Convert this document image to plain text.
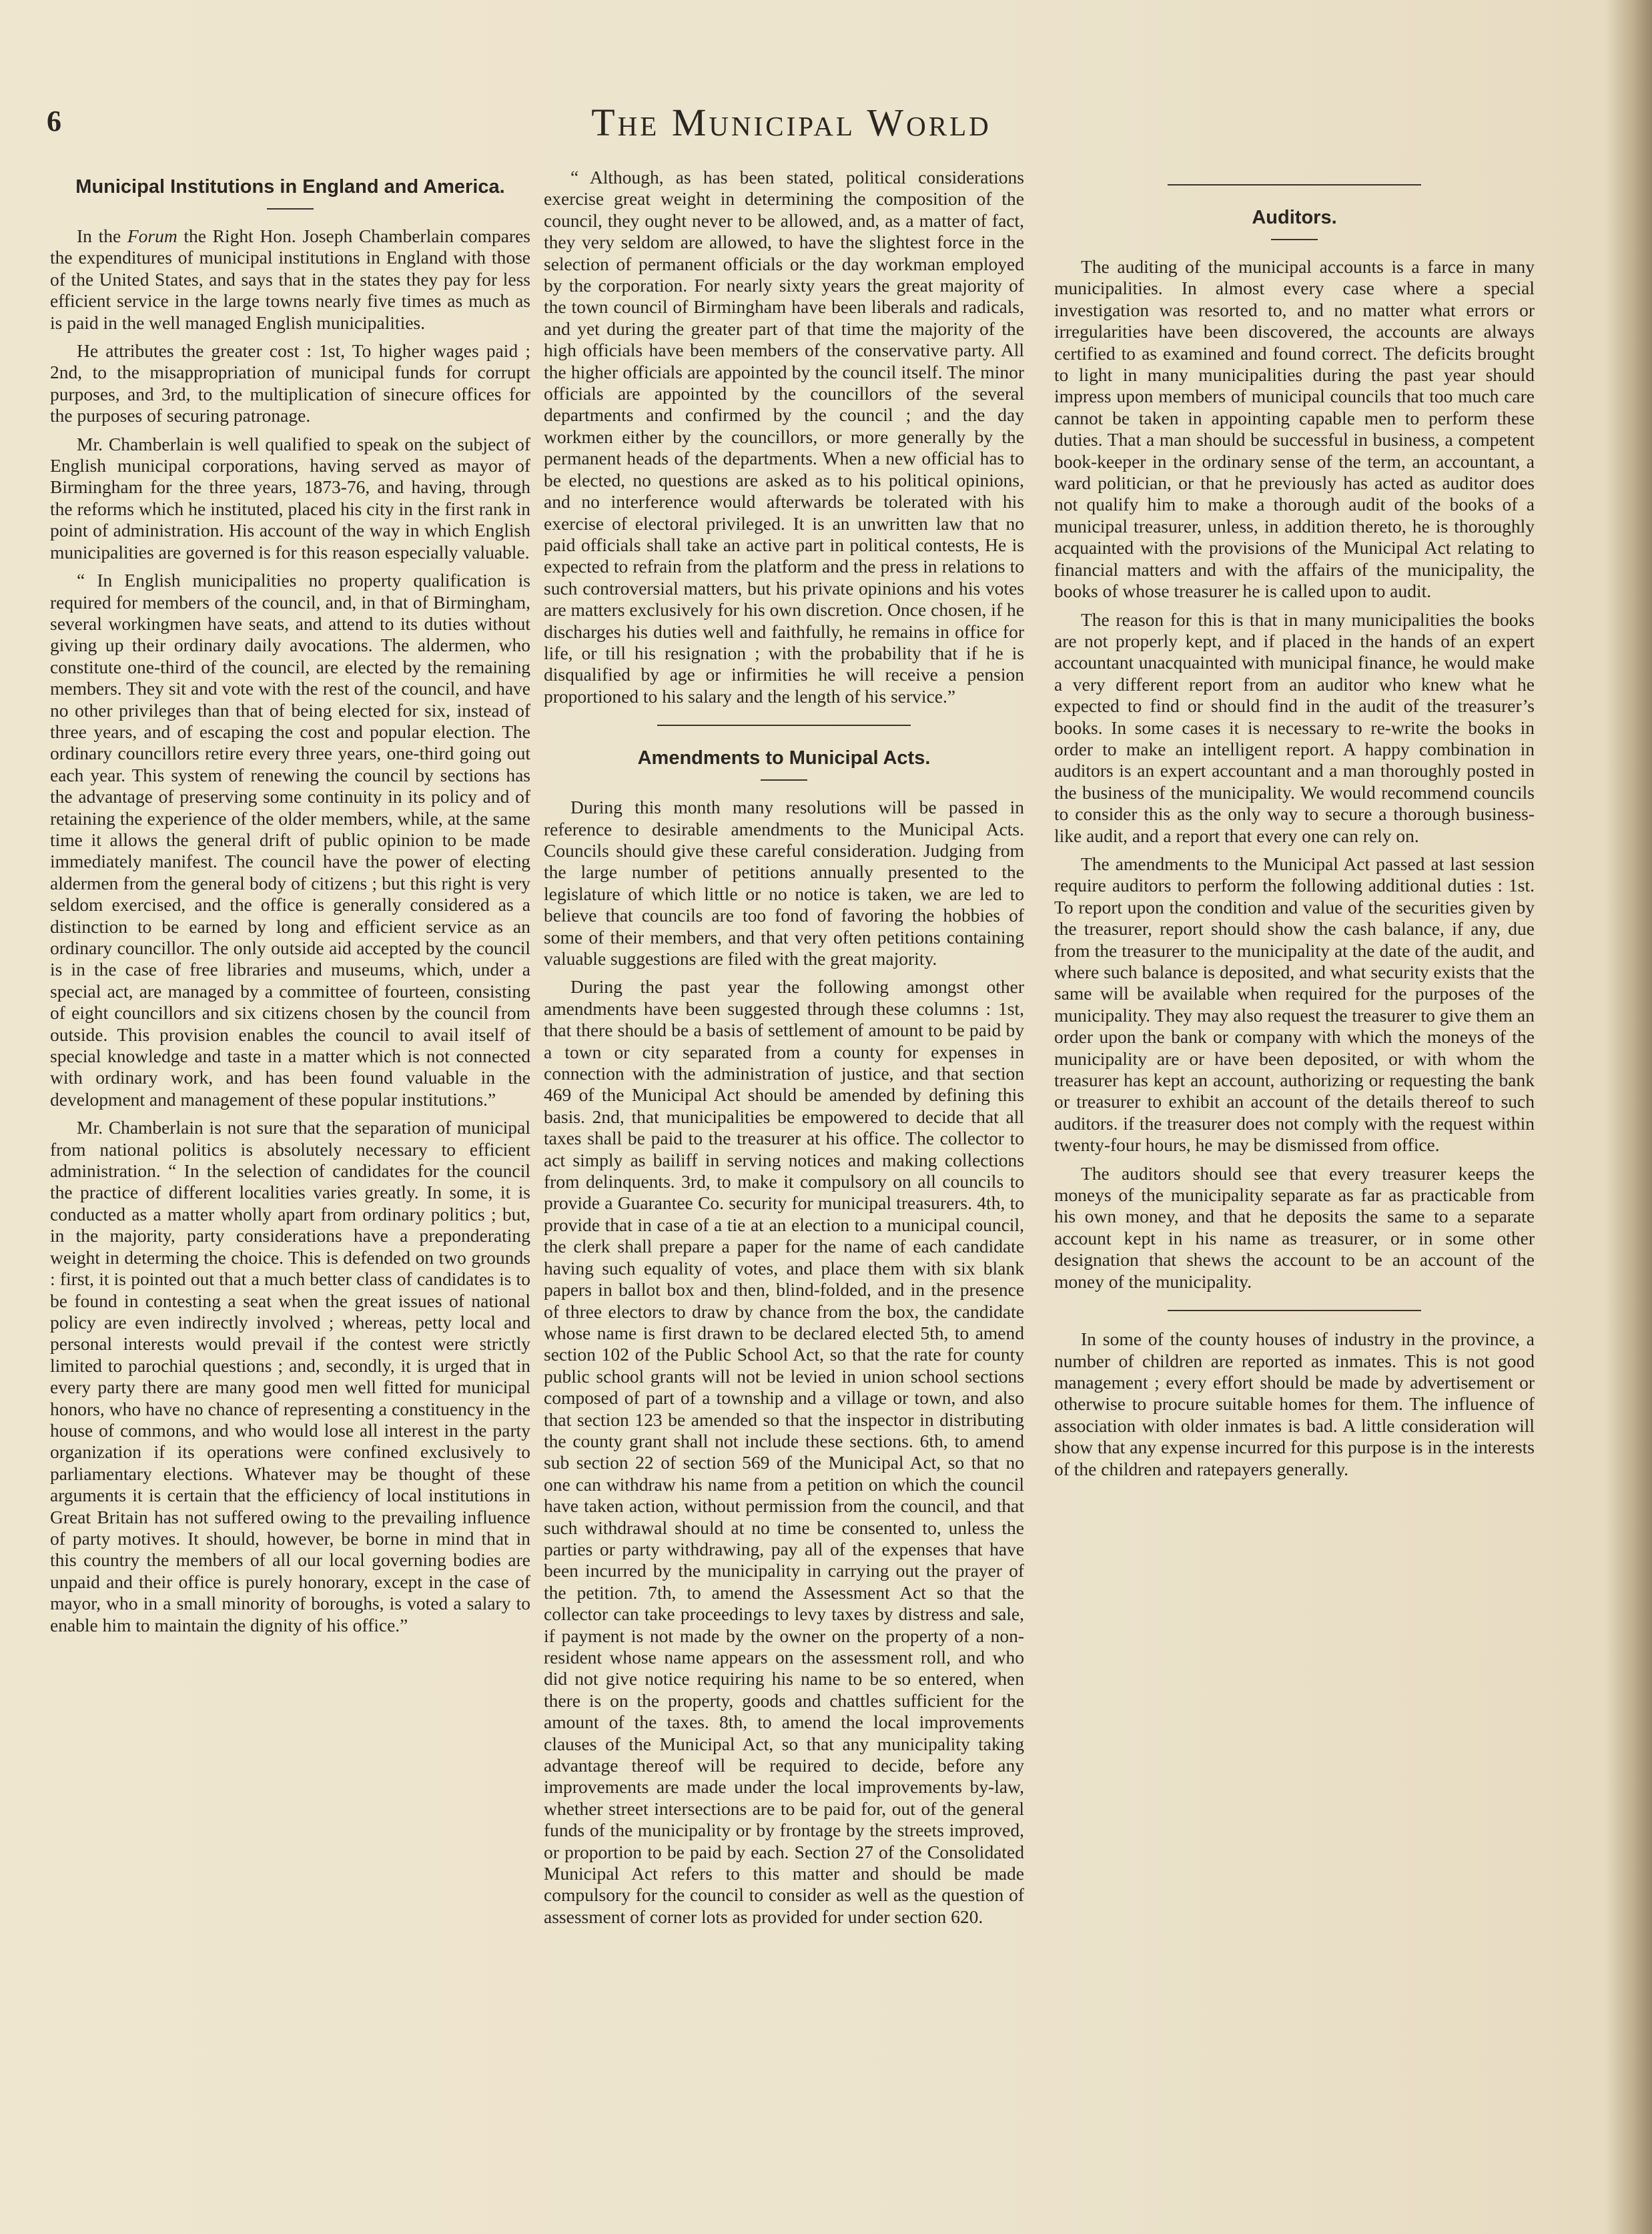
6	The Municipal World
Municipal Institutions in England and America.

In the Forum the Right Hon. Joseph Chamberlain compares the expenditures of municipal institutions in England with those of the United States, and says that in the states they pay for less efficient service in the large towns nearly five times as much as is paid in the well managed English municipalities.

He attributes the greater cost : 1st, To higher wages paid ; 2nd, to the misappropriation of municipal funds for corrupt purposes, and 3rd, to the multiplication of sinecure offices for the purposes of securing patronage.

Mr. Chamberlain is well qualified to speak on the subject of English municipal corporations, having served as mayor of Birmingham for the three years, 1873-76, and having, through the reforms which he instituted, placed his city in the first rank in point of administration. His account of the way in which English municipalities are governed is for this reason especially valuable.

“ In English municipalities no property qualification is required for members of the council, and, in that of Birmingham, several workingmen have seats, and attend to its duties without giving up their ordinary daily avocations. The aldermen, who constitute one-third of the council, are elected by the remaining members. They sit and vote with the rest of the council, and have no other privileges than that of being elected for six, instead of three years, and of escaping the cost and popular election. The ordinary councillors retire every three years, one-third going out each year. This system of renewing the council by sections has the advantage of preserving some continuity in its policy and of retaining the experience of the older members, while, at the same time it allows the general drift of public opinion to be made immediately manifest. The council have the power of electing aldermen from the general body of citizens ; but this right is very seldom exercised, and the office is generally considered as a distinction to be earned by long and efficient service as an ordinary councillor. The only outside aid accepted by the council is in the case of free libraries and museums, which, under a special act, are managed by a committee of fourteen, consisting of eight councillors and six citizens chosen by the council from outside. This provision enables the council to avail itself of special knowledge and taste in a matter which is not connected with ordinary work, and has been found valuable in the development and management of these popular institutions.”

Mr. Chamberlain is not sure that the separation of municipal from national politics is absolutely necessary to efficient administration. “ In the selection of candidates for the council the practice of different localities varies greatly. In some, it is conducted as a matter wholly apart from ordinary politics ; but, in the majority, party considerations have a preponderating weight in determing the choice. This is defended on two grounds : first, it is pointed out that a much better class of candidates is to be found in contesting a seat when the great issues of national policy are even indirectly involved ; whereas, petty local and personal interests would prevail if the contest were strictly limited to parochial questions ; and, secondly, it is urged that in every party there are many good men well fitted for municipal honors, who have no chance of representing a constituency in the house of commons, and who would lose all interest in the party organization if its operations were confined exclusively to parliamentary elections. Whatever may be thought of these arguments it is certain that the efficiency of local institutions in Great Britain has not suffered owing to the prevailing influence of party motives. It should, however, be borne in mind that in this country the members of all our local governing bodies are unpaid and their office is purely honorary, except in the case of mayor, who in a small minority of boroughs, is voted a salary to enable him to maintain the dignity of his office.”

“ Although, as has been stated, political considerations exercise great weight in determining the composition of the council, they ought never to be allowed, and, as a matter of fact, they very seldom are allowed, to have the slightest force in the selection of permanent officials or the day workman employed by the corporation. For nearly sixty years the great majority of the town council of Birmingham have been liberals and radicals, and yet during the greater part of that time the majority of the high officials have been members of the conservative party. All the higher officials are appointed by the council itself. The minor officials are appointed by the councillors of the several departments and confirmed by the council ; and the day workmen either by the councillors, or more generally by the permanent heads of the departments. When a new official has to be elected, no questions are asked as to his political opinions, and no interference would afterwards be tolerated with his exercise of electoral privileged. It is an unwritten law that no paid officials shall take an active part in political contests, He is expected to refrain from the platform and the press in relations to such controversial matters, but his private opinions and his votes are matters exclusively for his own discretion. Once chosen, if he discharges his duties well and faithfully, he remains in office for life, or till his resignation ; with the probability that if he is disqualified by age or infirmities he will receive a pension proportioned to his salary and the length of his service.”

Amendments to Municipal Acts.

During this month many resolutions will be passed in reference to desirable amendments to the Municipal Acts. Councils should give these careful consideration. Judging from the large number of petitions annually presented to the legislature of which little or no notice is taken, we are led to believe that councils are too fond of favoring the hobbies of some of their members, and that very often petitions containing valuable suggestions are filed with the great majority.

During the past year the following amongst other amendments have been suggested through these columns : 1st, that there should be a basis of settlement of amount to be paid by a town or city separated from a county for expenses in connection with the administration of justice, and that section 469 of the Municipal Act should be amended by defining this basis. 2nd, that municipalities be empowered to decide that all taxes shall be paid to the treasurer at his office. The collector to act simply as bailiff in serving notices and making collections from delinquents. 3rd, to make it compulsory on all councils to provide a Guarantee Co. security for municipal treasurers. 4th, to provide that in case of a tie at an election to a municipal council, the clerk shall prepare a paper for the name of each candidate having such equality of votes, and place them with six blank papers in ballot box and then, blind-folded, and in the presence of three electors to draw by chance from the box, the candidate whose name is first drawn to be declared elected 5th, to amend section 102 of the Public School Act, so that the rate for county public school grants will not be levied in union school sections composed of part of a township and a village or town, and also that section 123 be amended so that the inspector in distributing the county grant shall not include these sections. 6th, to amend sub section 22 of section 569 of the Municipal Act, so that no one can withdraw his name from a petition on which the council have taken action, without permission from the council, and that such withdrawal should at no time be consented to, unless the parties or party withdrawing, pay all of the expenses that have been incurred by the municipality in carrying out the prayer of the petition. 7th, to amend the Assessment Act so that the collector can take proceedings to levy taxes by distress and sale, if payment is not made by the owner on the property of a non-resident whose name appears on the assessment roll, and who did not give notice requiring his name to be so entered, when there is on the property, goods and chattles sufficient for the amount of the taxes. 8th, to amend the local improvements clauses of the Municipal Act, so that any municipality taking advantage thereof will be required to decide, before any improvements are made under the local improvements by-law, whether street intersections are to be paid for, out of the general funds of the municipality or by frontage by the streets improved, or proportion to be paid by each. Section 27 of the Consolidated Municipal Act refers to this matter and should be made compulsory for the council to consider as well as the question of assessment of corner lots as provided for under section 620.

Auditors.

The auditing of the municipal accounts is a farce in many municipalities. In almost every case where a special investigation was resorted to, and no matter what errors or irregularities have been discovered, the accounts are always certified to as examined and found correct. The deficits brought to light in many municipalities during the past year should impress upon members of municipal councils that too much care cannot be taken in appointing capable men to perform these duties. That a man should be successful in business, a competent book-keeper in the ordinary sense of the term, an accountant, a ward politician, or that he previously has acted as auditor does not qualify him to make a thorough audit of the books of a municipal treasurer, unless, in addition thereto, he is thoroughly acquainted with the provisions of the Municipal Act relating to financial matters and with the affairs of the municipality, the books of whose treasurer he is called upon to audit.

The reason for this is that in many municipalities the books are not properly kept, and if placed in the hands of an expert accountant unacquainted with municipal finance, he would make a very different report from an auditor who knew what he expected to find or should find in the audit of the treasurer’s books. In some cases it is necessary to re-write the books in order to make an intelligent report. A happy combination in auditors is an expert accountant and a man thoroughly posted in the business of the municipality. We would recommend councils to consider this as the only way to secure a thorough business-like audit, and a report that every one can rely on.

The amendments to the Municipal Act passed at last session require auditors to perform the following additional duties : 1st. To report upon the condition and value of the securities given by the treasurer, report should show the cash balance, if any, due from the treasurer to the municipality at the date of the audit, and where such balance is deposited, and what security exists that the same will be available when required for the purposes of the municipality. They may also request the treasurer to give them an order upon the bank or company with which the moneys of the municipality are or have been deposited, or with whom the treasurer has kept an account, authorizing or requesting the bank or treasurer to exhibit an account of the details thereof to such auditors. if the treasurer does not comply with the request within twenty-four hours, he may be dismissed from office.

The auditors should see that every treasurer keeps the moneys of the municipality separate as far as practicable from his own money, and that he deposits the same to a separate account kept in his name as treasurer, or in some other designation that shews the account to be an account of the money of the municipality.

In some of the county houses of industry in the province, a number of children are reported as inmates. This is not good management ; every effort should be made by advertisement or otherwise to procure suitable homes for them. The influence of association with older inmates is bad. A little consideration will show that any expense incurred for this purpose is in the interests of the children and ratepayers generally.
